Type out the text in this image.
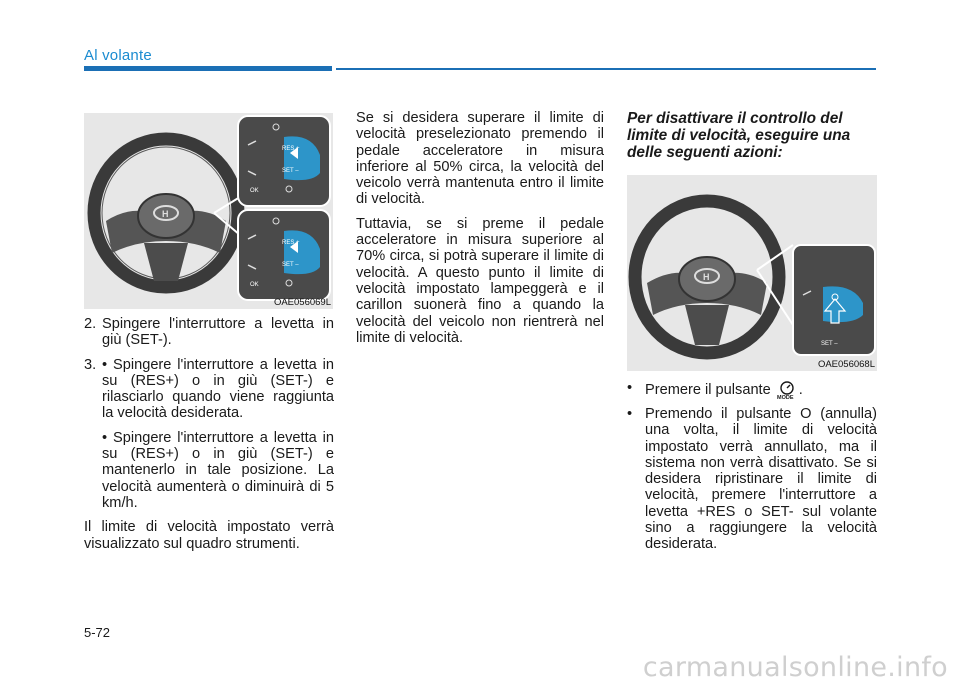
Al volante
H
RES +
SET –
RES +
SET –
OK
OK
OAE056069L
2. Spingere l'interruttore a levetta in giù (SET-).
3. • Spingere l'interruttore a levetta in su (RES+) o in giù (SET-) e rilasciarlo quando viene raggiunta la velocità desiderata.
• Spingere l'interruttore a levetta in su (RES+) o in giù (SET-) e mantenerlo in tale posizione. La velocità aumenterà o diminuirà di 5 km/h.

Il limite di velocità impostato verrà visualizzato sul quadro strumenti.

Se si desidera superare il limite di velocità preselezionato premendo il pedale acceleratore in misura inferiore al 50% circa, la velocità del veicolo verrà mantenuta entro il limite di velocità.

Tuttavia, se si preme il pedale acceleratore in misura superiore al 70% circa, si potrà superare il limite di velocità. A questo punto il limite di velocità impostato lampeggerà e il carillon suonerà fino a quando la velocità del veicolo non rientrerà nel limite di velocità.

Per disattivare il controllo del limite di velocità, eseguire una delle seguenti azioni:
H
SET –
OAE056068L
• Premere il pulsante MODE .
• Premendo il pulsante O (annulla) una volta, il limite di velocità impostato verrà annullato, ma il sistema non verrà disattivato. Se si desidera ripristinare il limite di velocità, premere l'interruttore a levetta +RES o SET- sul volante sino a raggiungere la velocità desiderata.
5-72
carmanualsonline.info
